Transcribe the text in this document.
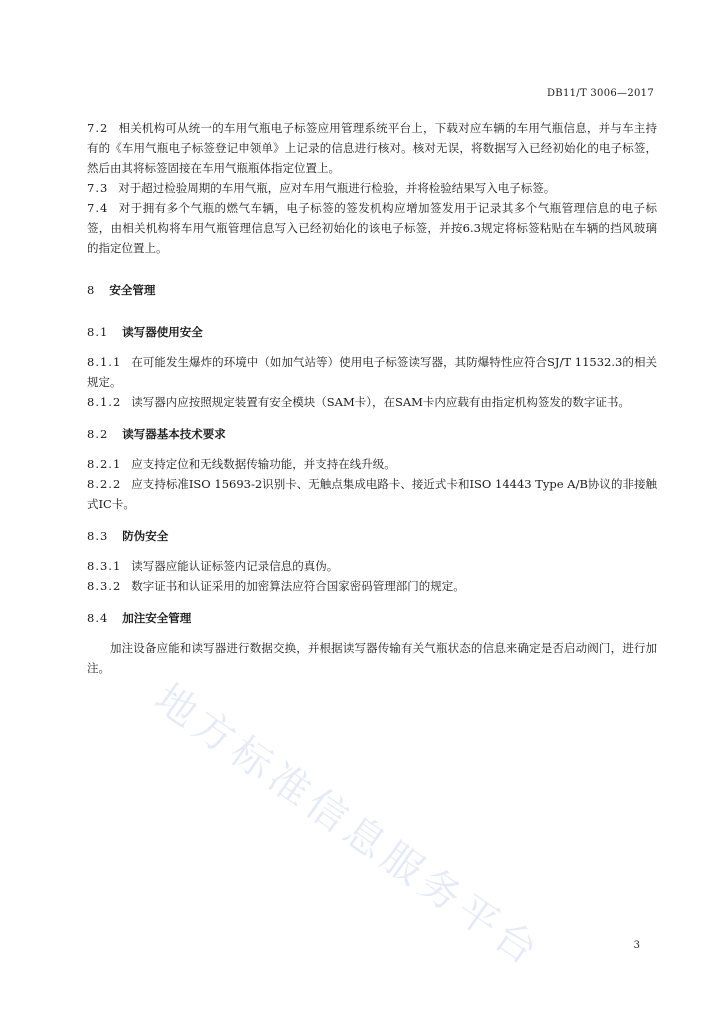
DB11/T 3006—2017

7.2 相关机构可从统一的车用气瓶电子标签应用管理系统平台上，下载对应车辆的车用气瓶信息，并与车主持有的《车用气瓶电子标签登记申领单》上记录的信息进行核对。核对无误，将数据写入已经初始化的电子标签，然后由其将标签固接在车用气瓶瓶体指定位置上。

7.3 对于超过检验周期的车用气瓶，应对车用气瓶进行检验，并将检验结果写入电子标签。

7.4 对于拥有多个气瓶的燃气车辆，电子标签的签发机构应增加签发用于记录其多个气瓶管理信息的电子标签，由相关机构将车用气瓶管理信息写入已经初始化的该电子标签，并按6.3规定将标签粘贴在车辆的挡风玻璃的指定位置上。

8 安全管理

8.1 读写器使用安全

8.1.1 在可能发生爆炸的环境中（如加气站等）使用电子标签读写器，其防爆特性应符合SJ/T 11532.3的相关规定。

8.1.2 读写器内应按照规定装置有安全模块（SAM卡），在SAM卡内应载有由指定机构签发的数字证书。

8.2 读写器基本技术要求

8.2.1 应支持定位和无线数据传输功能，并支持在线升级。

8.2.2 应支持标准ISO 15693-2识别卡、无触点集成电路卡、接近式卡和ISO 14443 Type A/B协议的非接触式IC卡。

8.3 防伪安全

8.3.1 读写器应能认证标签内记录信息的真伪。

8.3.2 数字证书和认证采用的加密算法应符合国家密码管理部门的规定。

8.4 加注安全管理

加注设备应能和读写器进行数据交换，并根据读写器传输有关气瓶状态的信息来确定是否启动阀门，进行加注。

地方标准信息服务平台	3
